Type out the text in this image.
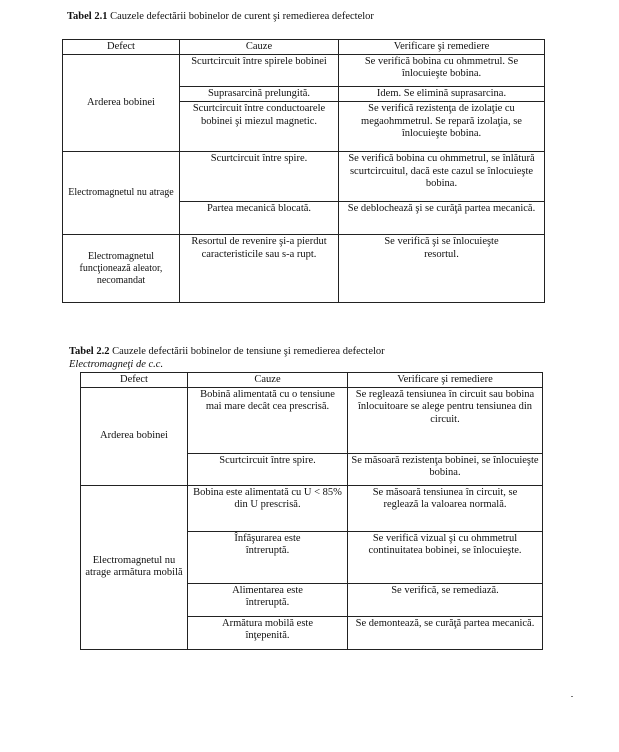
Tabel 2.1 Cauzele defectării bobinelor de curent şi remedierea defectelor
Defect	Cauze	Verificare şi remediere
Arderea bobinei	Scurtcircuit între spirele bobinei	Se verifică bobina cu ohmmetrul. Se înlocuieşte bobina.
	Suprasarcină prelungită.	Idem. Se elimină suprasarcina.
	Scurtcircuit între conductoarele bobinei şi miezul magnetic.	Se verifică rezistenţa de izolaţie cu megaohmmetrul. Se repară izolaţia, se înlocuieşte bobina.
Electromagnetul nu atrage	Scurtcircuit între spire.	Se verifică bobina cu ohmmetrul, se înlătură scurtcircuitul, dacă este cazul se înlocuieşte bobina.
	Partea mecanică blocată.	Se deblochează şi se curăţă partea mecanică.
Electromagnetul funcţionează aleator, necomandat	Resortul de revenire şi-a pierdut caracteristicile sau s-a rupt.	Se verifică şi se înlocuieşte resortul.
Tabel 2.2 Cauzele defectării bobinelor de tensiune şi remedierea defectelor
Electromagneţi de c.c.
Defect	Cauze	Verificare şi remediere
Arderea bobinei	Bobină alimentată cu o tensiune mai mare decât cea prescrisă.	Se reglează tensiunea în circuit sau bobina înlocuitoare se alege pentru tensiunea din circuit.
	Scurtcircuit între spire.	Se măsoară rezistenţa bobinei, se înlocuieşte bobina.
Electromagnetul nu atrage armătura mobilă	Bobina este alimentată cu U < 85% din U prescrisă.	Se măsoară tensiunea în circuit, se reglează la valoarea normală.
	Înfăşurarea este întreruptă.	Se verifică vizual şi cu ohmmetrul continuitatea bobinei, se înlocuieşte.
	Alimentarea este întreruptă.	Se verifică, se remediază.
	Armătura mobilă este înţepenită.	Se demontează, se curăţă partea mecanică.
